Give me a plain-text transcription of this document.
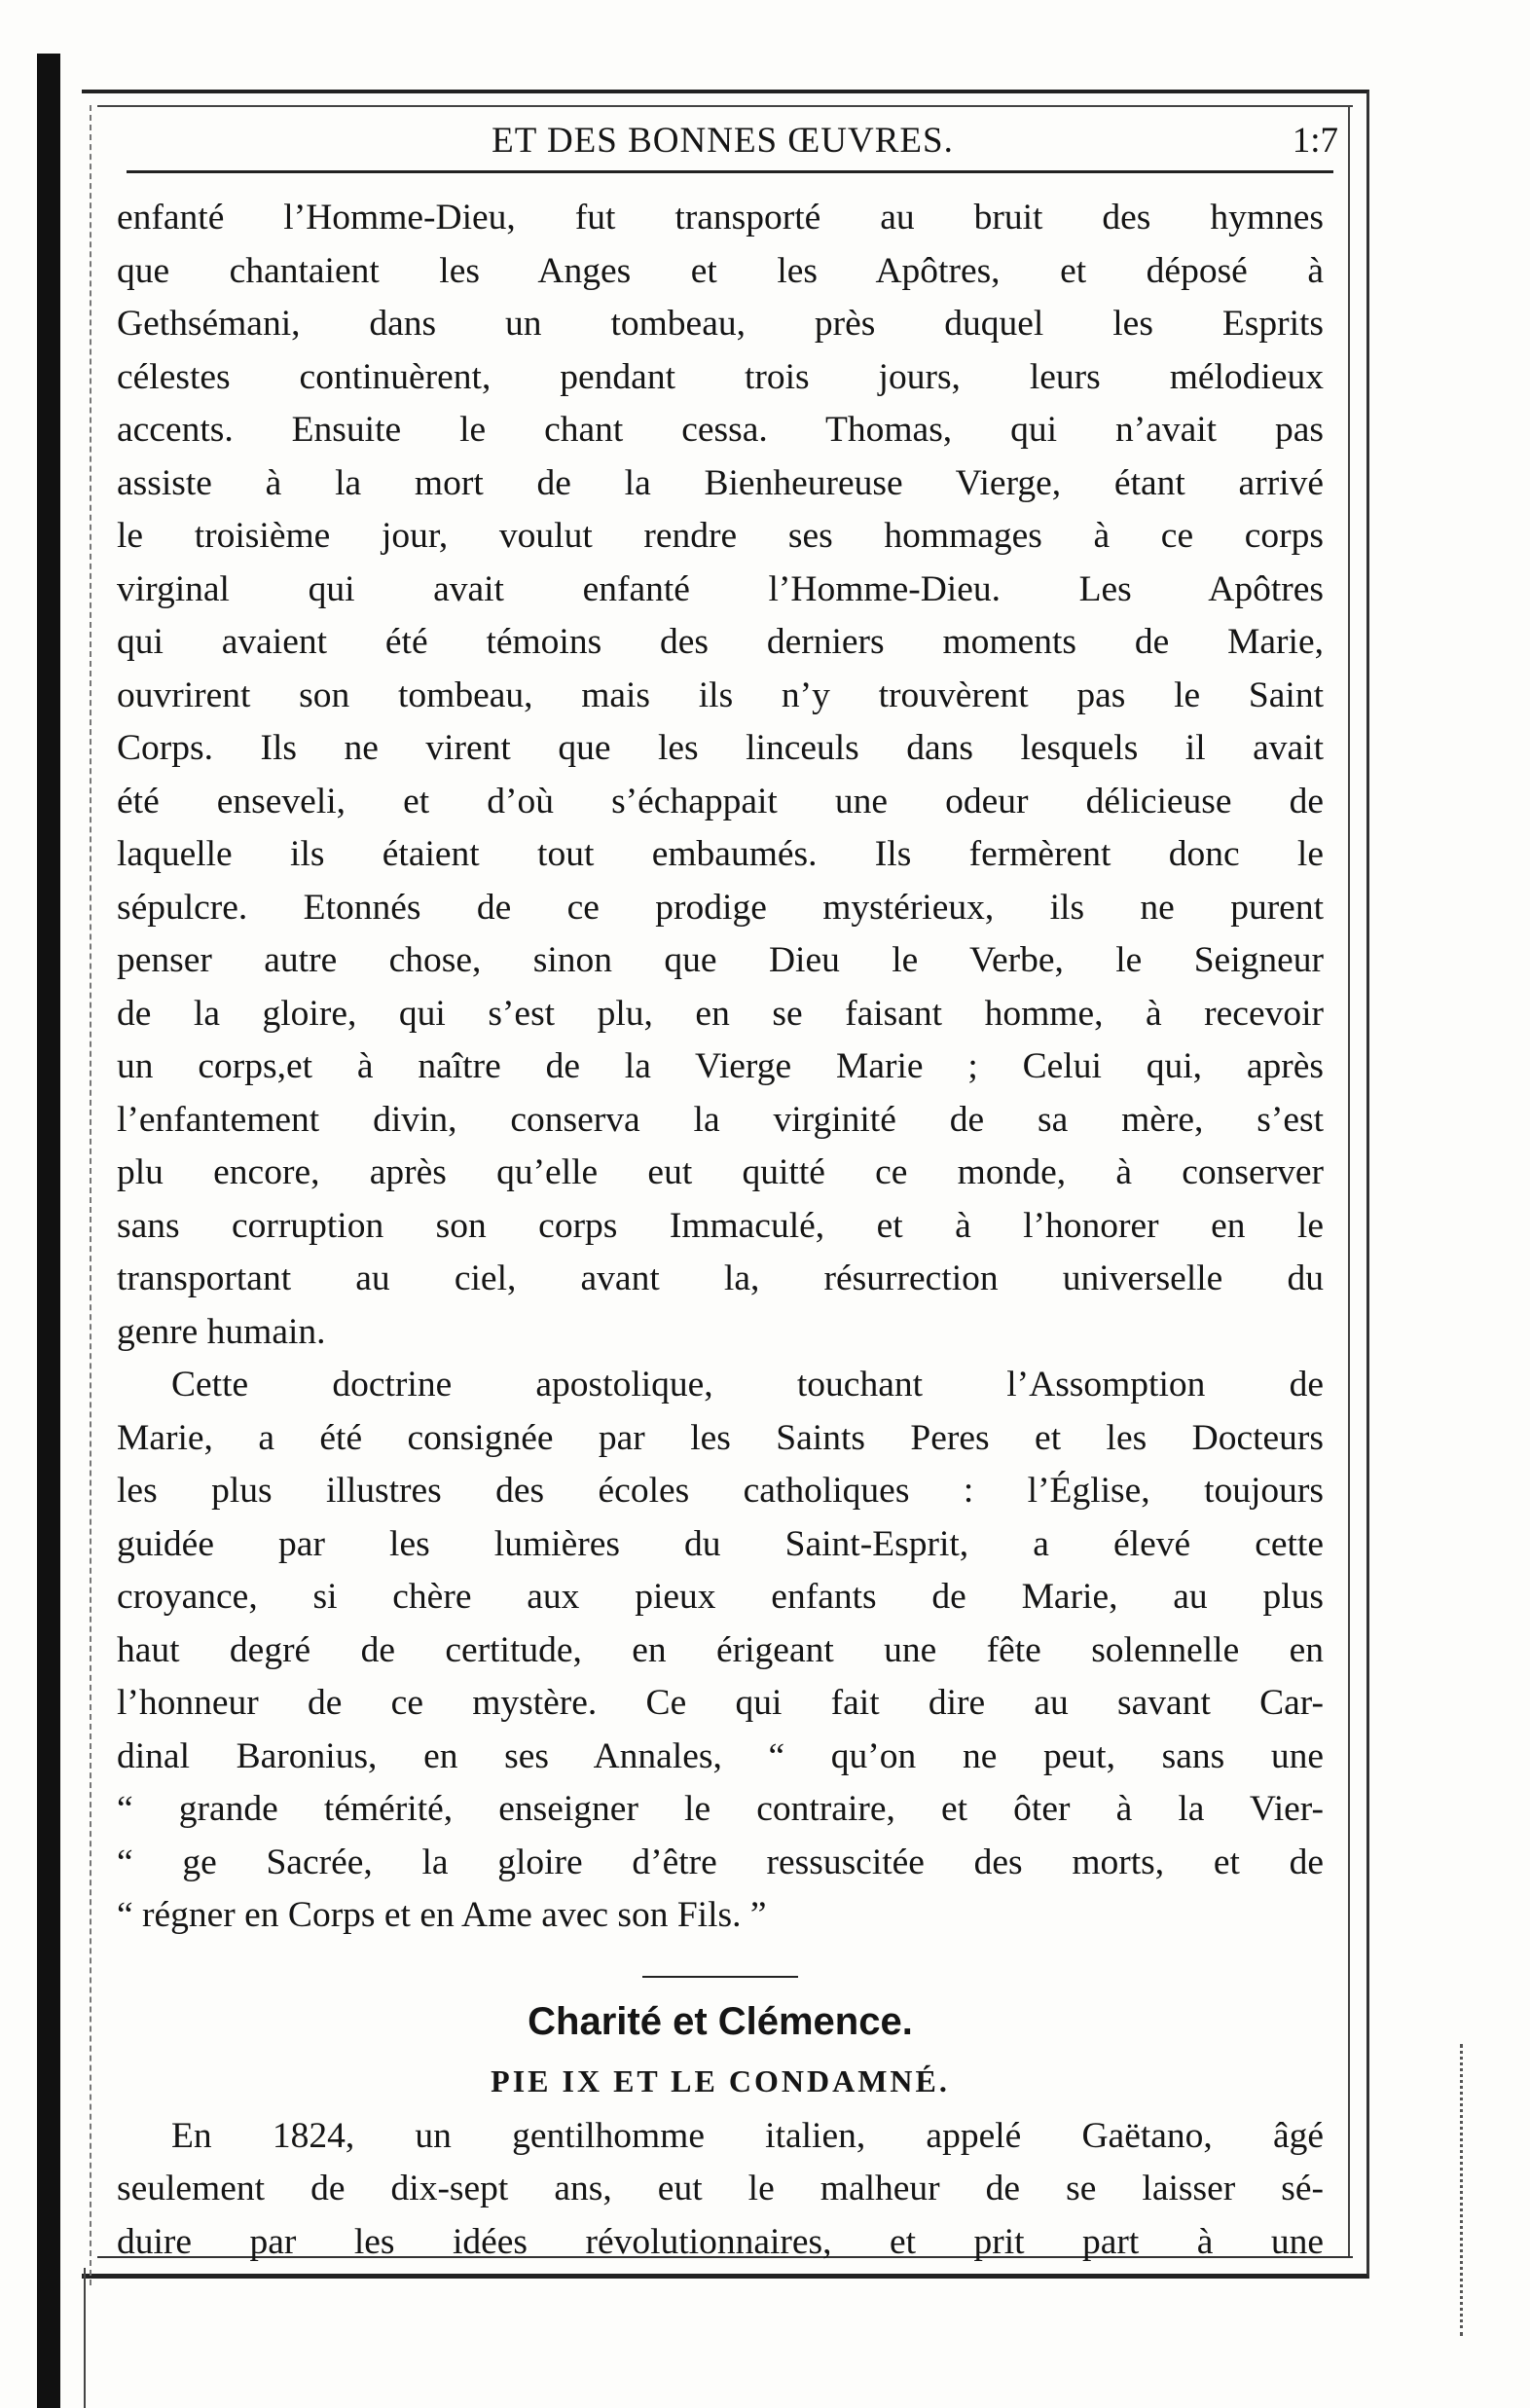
ET DES BONNES ŒUVRES.	1:7
enfanté l’Homme-Dieu, fut transporté au bruit des hymnes
que chantaient les Anges et les Apôtres, et déposé à
Gethsémani, dans un tombeau, près duquel les Esprits
célestes continuèrent, pendant trois jours, leurs mélodieux
accents. Ensuite le chant cessa. Thomas, qui n’avait pas
assiste à la mort de la Bienheureuse Vierge, étant arrivé
le troisième jour, voulut rendre ses hommages à ce corps
virginal qui avait enfanté l’Homme-Dieu. Les Apôtres
qui avaient été témoins des derniers moments de Marie,
ouvrirent son tombeau, mais ils n’y trouvèrent pas le Saint
Corps. Ils ne virent que les linceuls dans lesquels il avait
été enseveli, et d’où s’échappait une odeur délicieuse de
laquelle ils étaient tout embaumés. Ils fermèrent donc le
sépulcre. Etonnés de ce prodige mystérieux, ils ne purent
penser autre chose, sinon que Dieu le Verbe, le Seigneur
de la gloire, qui s’est plu, en se faisant homme, à recevoir
un corps,et à naître de la Vierge Marie ; Celui qui, après
l’enfantement divin, conserva la virginité de sa mère, s’est
plu encore, après qu’elle eut quitté ce monde, à conserver
sans corruption son corps Immaculé, et à l’honorer en le
transportant au ciel, avant la, résurrection universelle du
genre humain.
Cette doctrine apostolique, touchant l’Assomption de
Marie, a été consignée par les Saints Peres et les Docteurs
les plus illustres des écoles catholiques : l’Église, toujours
guidée par les lumières du Saint-Esprit, a élevé cette
croyance, si chère aux pieux enfants de Marie, au plus
haut degré de certitude, en érigeant une fête solennelle en
l’honneur de ce mystère. Ce qui fait dire au savant Car-
dinal Baronius, en ses Annales, “ qu’on ne peut, sans une
“ grande témérité, enseigner le contraire, et ôter à la Vier-
“ ge Sacrée, la gloire d’être ressuscitée des morts, et de
“ régner en Corps et en Ame avec son Fils. ”
Charité et Clémence.
PIE IX ET LE CONDAMNÉ.
En 1824, un gentilhomme italien, appelé Gaëtano, âgé
seulement de dix-sept ans, eut le malheur de se laisser sé-
duire par les idées révolutionnaires, et prit part à une
